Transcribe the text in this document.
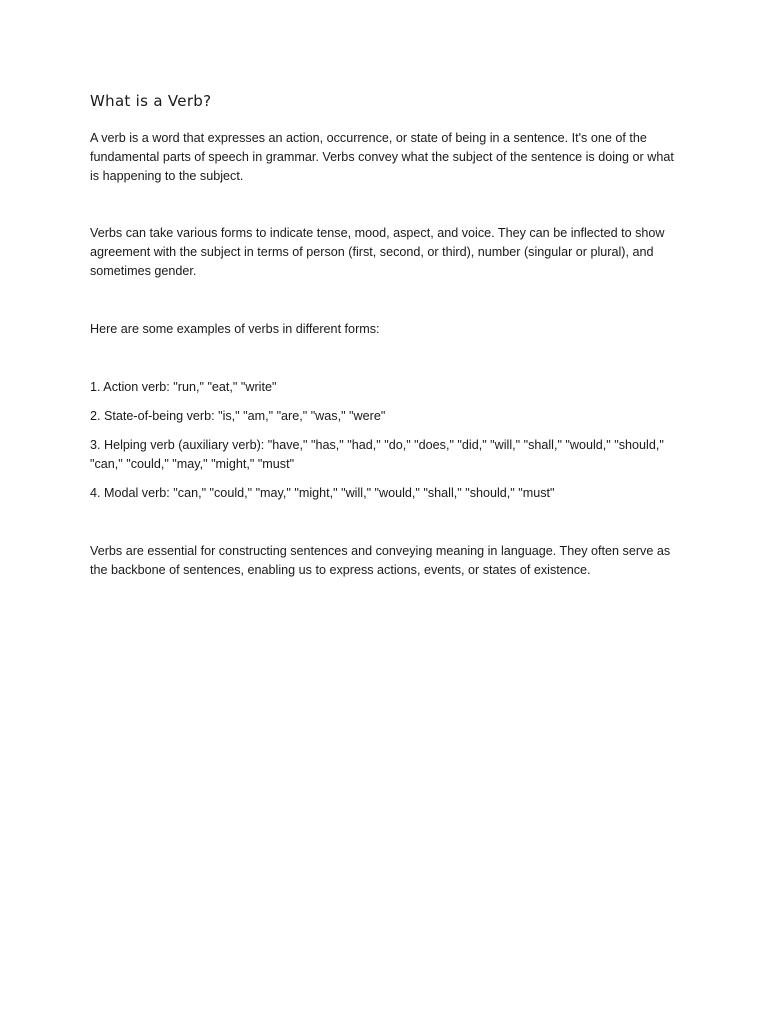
What is a Verb?

A verb is a word that expresses an action, occurrence, or state of being in a sentence. It's one of the fundamental parts of speech in grammar. Verbs convey what the subject of the sentence is doing or what is happening to the subject.

Verbs can take various forms to indicate tense, mood, aspect, and voice. They can be inflected to show agreement with the subject in terms of person (first, second, or third), number (singular or plural), and sometimes gender.

Here are some examples of verbs in different forms:

1. Action verb: "run," "eat," "write"
2. State-of-being verb: "is," "am," "are," "was," "were"
3. Helping verb (auxiliary verb): "have," "has," "had," "do," "does," "did," "will," "shall," "would," "should," "can," "could," "may," "might," "must"
4. Modal verb: "can," "could," "may," "might," "will," "would," "shall," "should," "must"

Verbs are essential for constructing sentences and conveying meaning in language. They often serve as the backbone of sentences, enabling us to express actions, events, or states of existence.
